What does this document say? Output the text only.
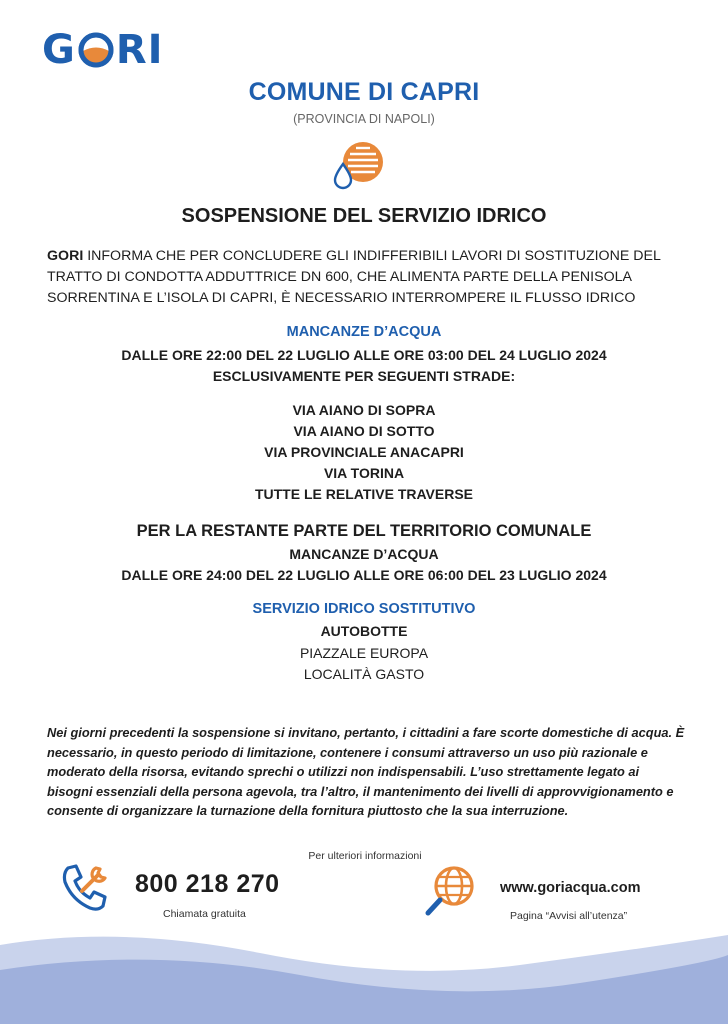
G RI
COMUNE DI CAPRI
(PROVINCIA DI NAPOLI)
SOSPENSIONE DEL SERVIZIO IDRICO
GORI INFORMA CHE PER CONCLUDERE GLI INDIFFERIBILI LAVORI DI SOSTITUZIONE DEL TRATTO DI CONDOTTA ADDUTTRICE DN 600, CHE ALIMENTA PARTE DELLA PENISOLA SORRENTINA E L’ISOLA DI CAPRI, È NECESSARIO INTERROMPERE IL FLUSSO IDRICO
MANCANZE D’ACQUA
DALLE ORE 22:00 DEL 22 LUGLIO ALLE ORE 03:00 DEL 24 LUGLIO 2024
ESCLUSIVAMENTE PER SEGUENTI STRADE:
VIA AIANO DI SOPRA
VIA AIANO DI SOTTO
VIA PROVINCIALE ANACAPRI
VIA TORINA
TUTTE LE RELATIVE TRAVERSE
PER LA RESTANTE PARTE DEL TERRITORIO COMUNALE
MANCANZE D’ACQUA
DALLE ORE 24:00 DEL 22 LUGLIO ALLE ORE 06:00 DEL 23 LUGLIO 2024
SERVIZIO IDRICO SOSTITUTIVO
AUTOBOTTE
PIAZZALE EUROPA
LOCALITÀ GASTO
Nei giorni precedenti la sospensione si invitano, pertanto, i cittadini a fare scorte domestiche di acqua. È necessario, in questo periodo di limitazione, contenere i consumi attraverso un uso più razionale e moderato della risorsa, evitando sprechi o utilizzi non indispensabili. L’uso strettamente legato ai bisogni essenziali della persona agevola, tra l’altro, il mantenimento dei livelli di approvvigionamento e consente di organizzare la turnazione della fornitura piuttosto che la sua interruzione.
Per ulteriori informazioni
800 218 270
Chiamata gratuita
www.goriacqua.com
Pagina “Avvisi all’utenza”
